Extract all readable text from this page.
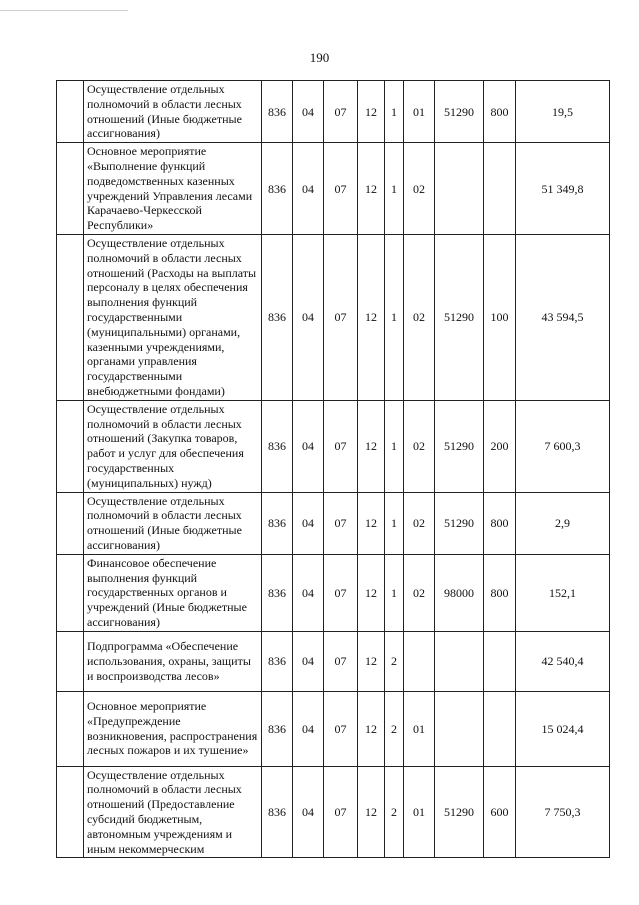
190
	Осуществление отдельных полномочий в области лесных отношений (Иные бюджетные ассигнования)	836	04	07	12	1	01	51290	800	19,5
	Основное мероприятие «Выполнение функций подведомственных казенных учреждений Управления лесами Карачаево-Черкесской Республики»	836	04	07	12	1	02			51 349,8
	Осуществление отдельных полномочий в области лесных отношений (Расходы на выплаты персоналу в целях обеспечения выполнения функций государственными (муниципальными) органами, казенными учреждениями, органами управления государственными внебюджетными фондами)	836	04	07	12	1	02	51290	100	43 594,5
	Осуществление отдельных полномочий в области лесных отношений (Закупка товаров, работ и услуг для обеспечения государственных (муниципальных) нужд)	836	04	07	12	1	02	51290	200	7 600,3
	Осуществление отдельных полномочий в области лесных отношений (Иные бюджетные ассигнования)	836	04	07	12	1	02	51290	800	2,9
	Финансовое обеспечение выполнения функций государственных органов и учреждений (Иные бюджетные ассигнования)	836	04	07	12	1	02	98000	800	152,1
	Подпрограмма «Обеспечение использования, охраны, защиты и воспроизводства лесов»	836	04	07	12	2				42 540,4
	Основное мероприятие «Предупреждение возникновения, распространения лесных пожаров и их тушение»	836	04	07	12	2	01			15 024,4
	Осуществление отдельных полномочий в области лесных отношений (Предоставление субсидий бюджетным, автономным учреждениям и иным некоммерческим	836	04	07	12	2	01	51290	600	7 750,3
